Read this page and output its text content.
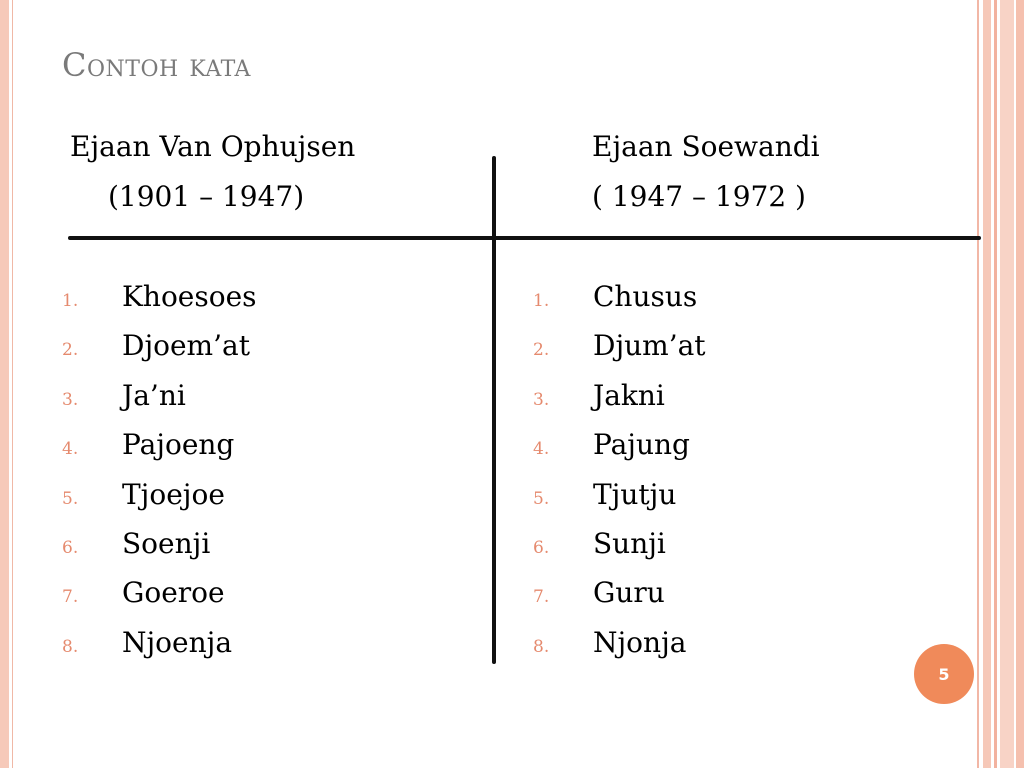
Contoh kata
Ejaan Van Ophujsen
(1901 – 1947)
Ejaan Soewandi
( 1947 – 1972 )
1. Khoesoes
2. Djoem’at
3. Ja’ni
4. Pajoeng
5. Tjoejoe
6. Soenji
7. Goeroe
8. Njoenja
1. Chusus
2. Djum’at
3. Jakni
4. Pajung
5. Tjutju
6. Sunji
7. Guru
8. Njonja
5
